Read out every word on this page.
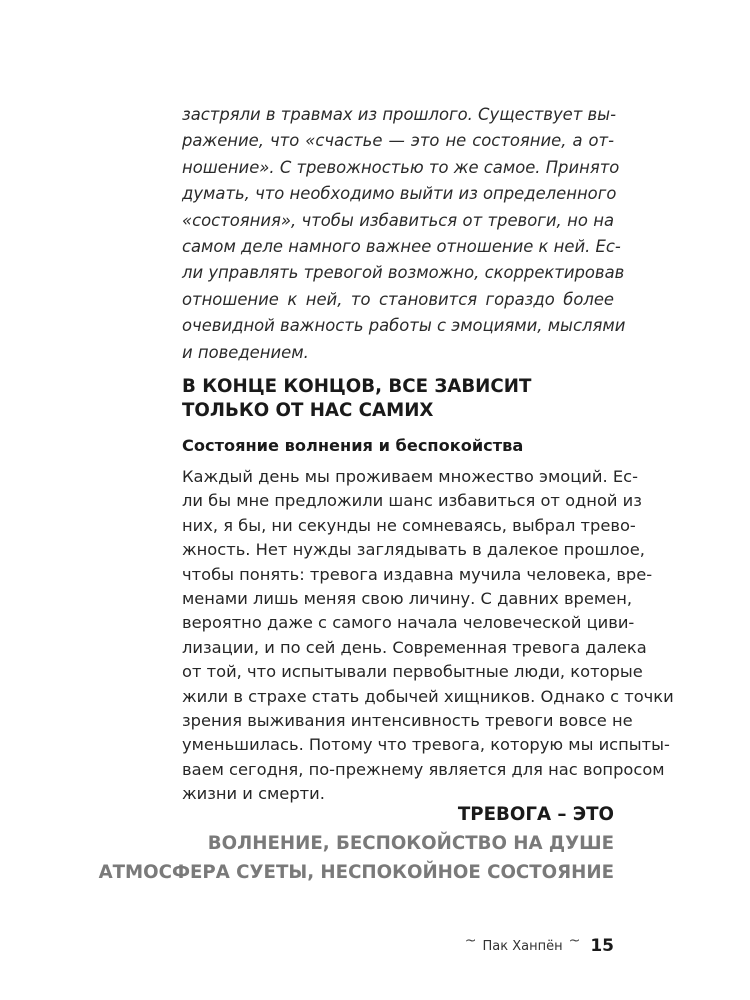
застряли в травмах из прошлого. Существует вы-
ражение, что «счастье — это не состояние, а от-
ношение». С тревожностью то же самое. Принято
думать, что необходимо выйти из определенного
«состояния», чтобы избавиться от тревоги, но на
самом деле намного важнее отношение к ней. Ес-
ли управлять тревогой возможно, скорректировав
отношение к ней, то становится гораздо более
очевидной важность работы с эмоциями, мыслями
и поведением.
В КОНЦЕ КОНЦОВ, ВСЕ ЗАВИСИТ
ТОЛЬКО ОТ НАС САМИХ
Состояние волнения и беспокойства
Каждый день мы проживаем множество эмоций. Ес-
ли бы мне предложили шанс избавиться от одной из
них, я бы, ни секунды не сомневаясь, выбрал трево-
жность. Нет нужды заглядывать в далекое прошлое,
чтобы понять: тревога издавна мучила человека, вре-
менами лишь меняя свою личину. С давних времен,
вероятно даже с самого начала человеческой циви-
лизации, и по сей день. Современная тревога далека
от той, что испытывали первобытные люди, которые
жили в страхе стать добычей хищников. Однако с точки
зрения выживания интенсивность тревоги вовсе не
уменьшилась. Потому что тревога, которую мы испыты-
ваем сегодня, по-прежнему является для нас вопросом
жизни и смерти.
ТРЕВОГА – ЭТО
ВОЛНЕНИЕ, БЕСПОКОЙСТВО НА ДУШЕ
АТМОСФЕРА СУЕТЫ, НЕСПОКОЙНОЕ СОСТОЯНИЕ
~ Пак Ханпён ~ 15
